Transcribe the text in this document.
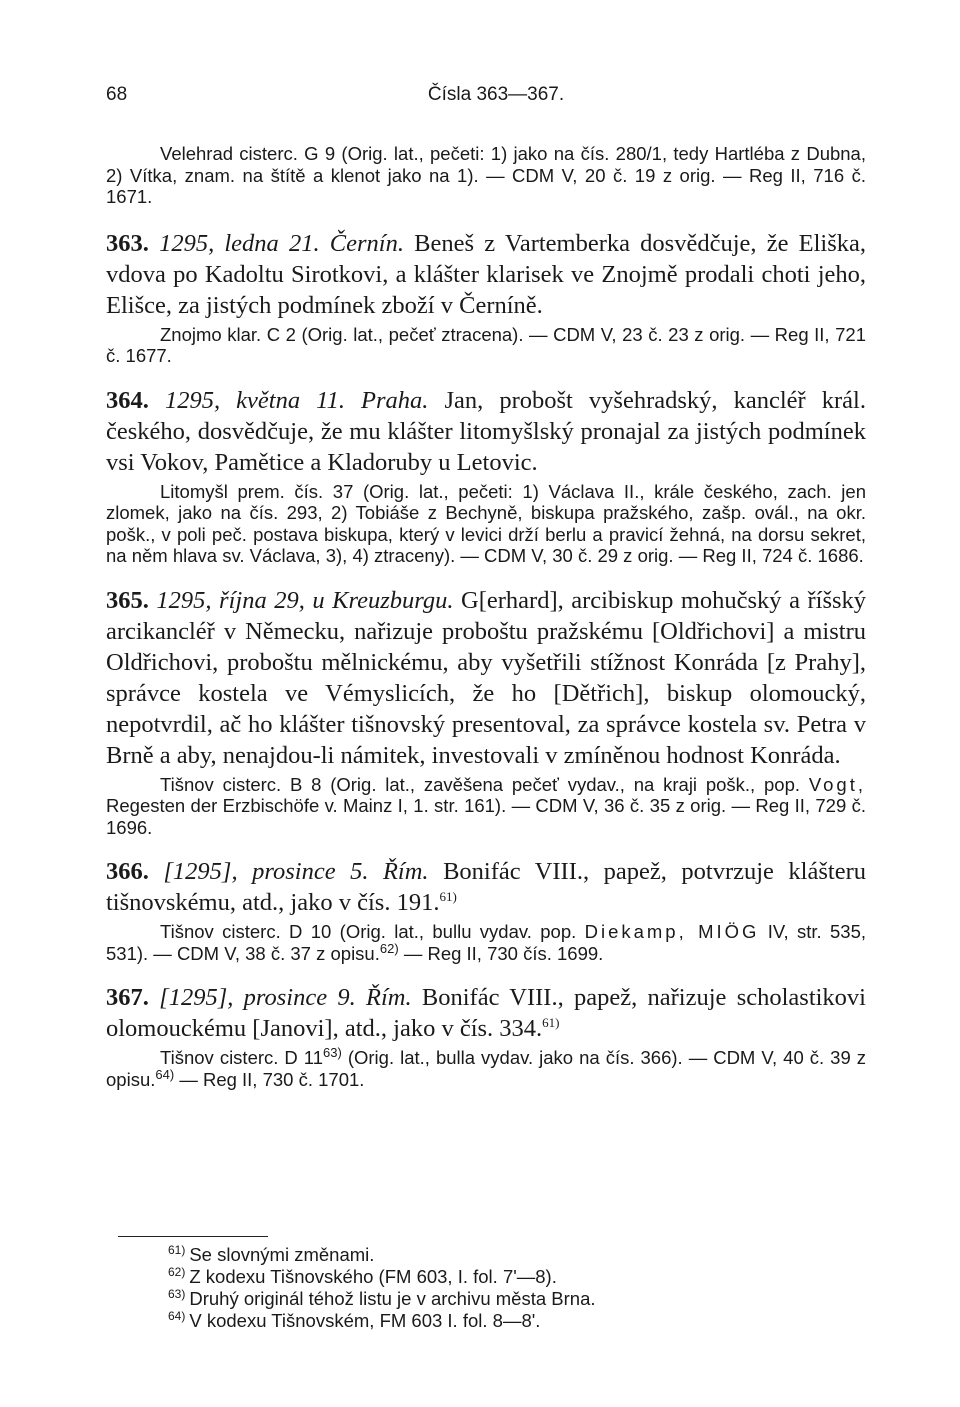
68	Čísla 363—367.

Velehrad cisterc. G 9 (Orig. lat., pečeti: 1) jako na čís. 280/1, tedy Hartléba z Dubna, 2) Vítka, znam. na štítě a klenot jako na 1). — CDM V, 20 č. 19 z orig. — Reg II, 716 č. 1671.

363. 1295, ledna 21. Černín. Beneš z Vartemberka dosvědčuje, že Eliška, vdova po Kadoltu Sirotkovi, a klášter klarisek ve Znojmě prodali choti jeho, Elišce, za jistých podmínek zboží v Černíně.

Znojmo klar. C 2 (Orig. lat., pečeť ztracena). — CDM V, 23 č. 23 z orig. — Reg II, 721 č. 1677.

364. 1295, května 11. Praha. Jan, probošt vyšehradský, kancléř král. českého, dosvědčuje, že mu klášter litomyšlský pronajal za jistých podmínek vsi Vokov, Pamětice a Kladoruby u Letovic.

Litomyšl prem. čís. 37 (Orig. lat., pečeti: 1) Václava II., krále českého, zach. jen zlomek, jako na čís. 293, 2) Tobiáše z Bechyně, biskupa pražského, zašp. ovál., na okr. pošk., v poli peč. postava biskupa, který v levici drží berlu a pravicí žehná, na dorsu sekret, na něm hlava sv. Václava, 3), 4) ztraceny). — CDM V, 30 č. 29 z orig. — Reg II, 724 č. 1686.

365. 1295, října 29, u Kreuzburgu. G[erhard], arcibiskup mohučský a říšský arcikancléř v Německu, nařizuje proboštu pražskému [Oldřichovi] a mistru Oldřichovi, proboštu mělnickému, aby vyšetřili stížnost Konráda [z Prahy], správce kostela ve Vémyslicích, že ho [Dětřich], biskup olomoucký, nepotvrdil, ač ho klášter tišnovský presentoval, za správce kostela sv. Petra v Brně a aby, nenajdou-li námitek, investovali v zmíněnou hodnost Konráda.

Tišnov cisterc. B 8 (Orig. lat., zavěšena pečeť vydav., na kraji pošk., pop. Vogt, Regesten der Erzbischöfe v. Mainz I, 1. str. 161). — CDM V, 36 č. 35 z orig. — Reg II, 729 č. 1696.

366. [1295], prosince 5. Řím. Bonifác VIII., papež, potvrzuje klášteru tišnovskému, atd., jako v čís. 191.$^{61)}$

Tišnov cisterc. D 10 (Orig. lat., bullu vydav. pop. Diekamp, MIÖG IV, str. 535, 531). — CDM V, 38 č. 37 z opisu.$^{62)}$ — Reg II, 730 čís. 1699.

367. [1295], prosince 9. Řím. Bonifác VIII., papež, nařizuje scholastikovi olomouckému [Janovi], atd., jako v čís. 334.$^{61)}$

Tišnov cisterc. D 11$^{63)}$ (Orig. lat., bulla vydav. jako na čís. 366). — CDM V, 40 č. 39 z opisu.$^{64)}$ — Reg II, 730 č. 1701.

$^{61)}$ Se slovnými změnami.

$^{62)}$ Z kodexu Tišnovského (FM 603, I. fol. 7'—8).

$^{63)}$ Druhý originál téhož listu je v archivu města Brna.

$^{64)}$ V kodexu Tišnovském, FM 603 I. fol. 8—8'.
